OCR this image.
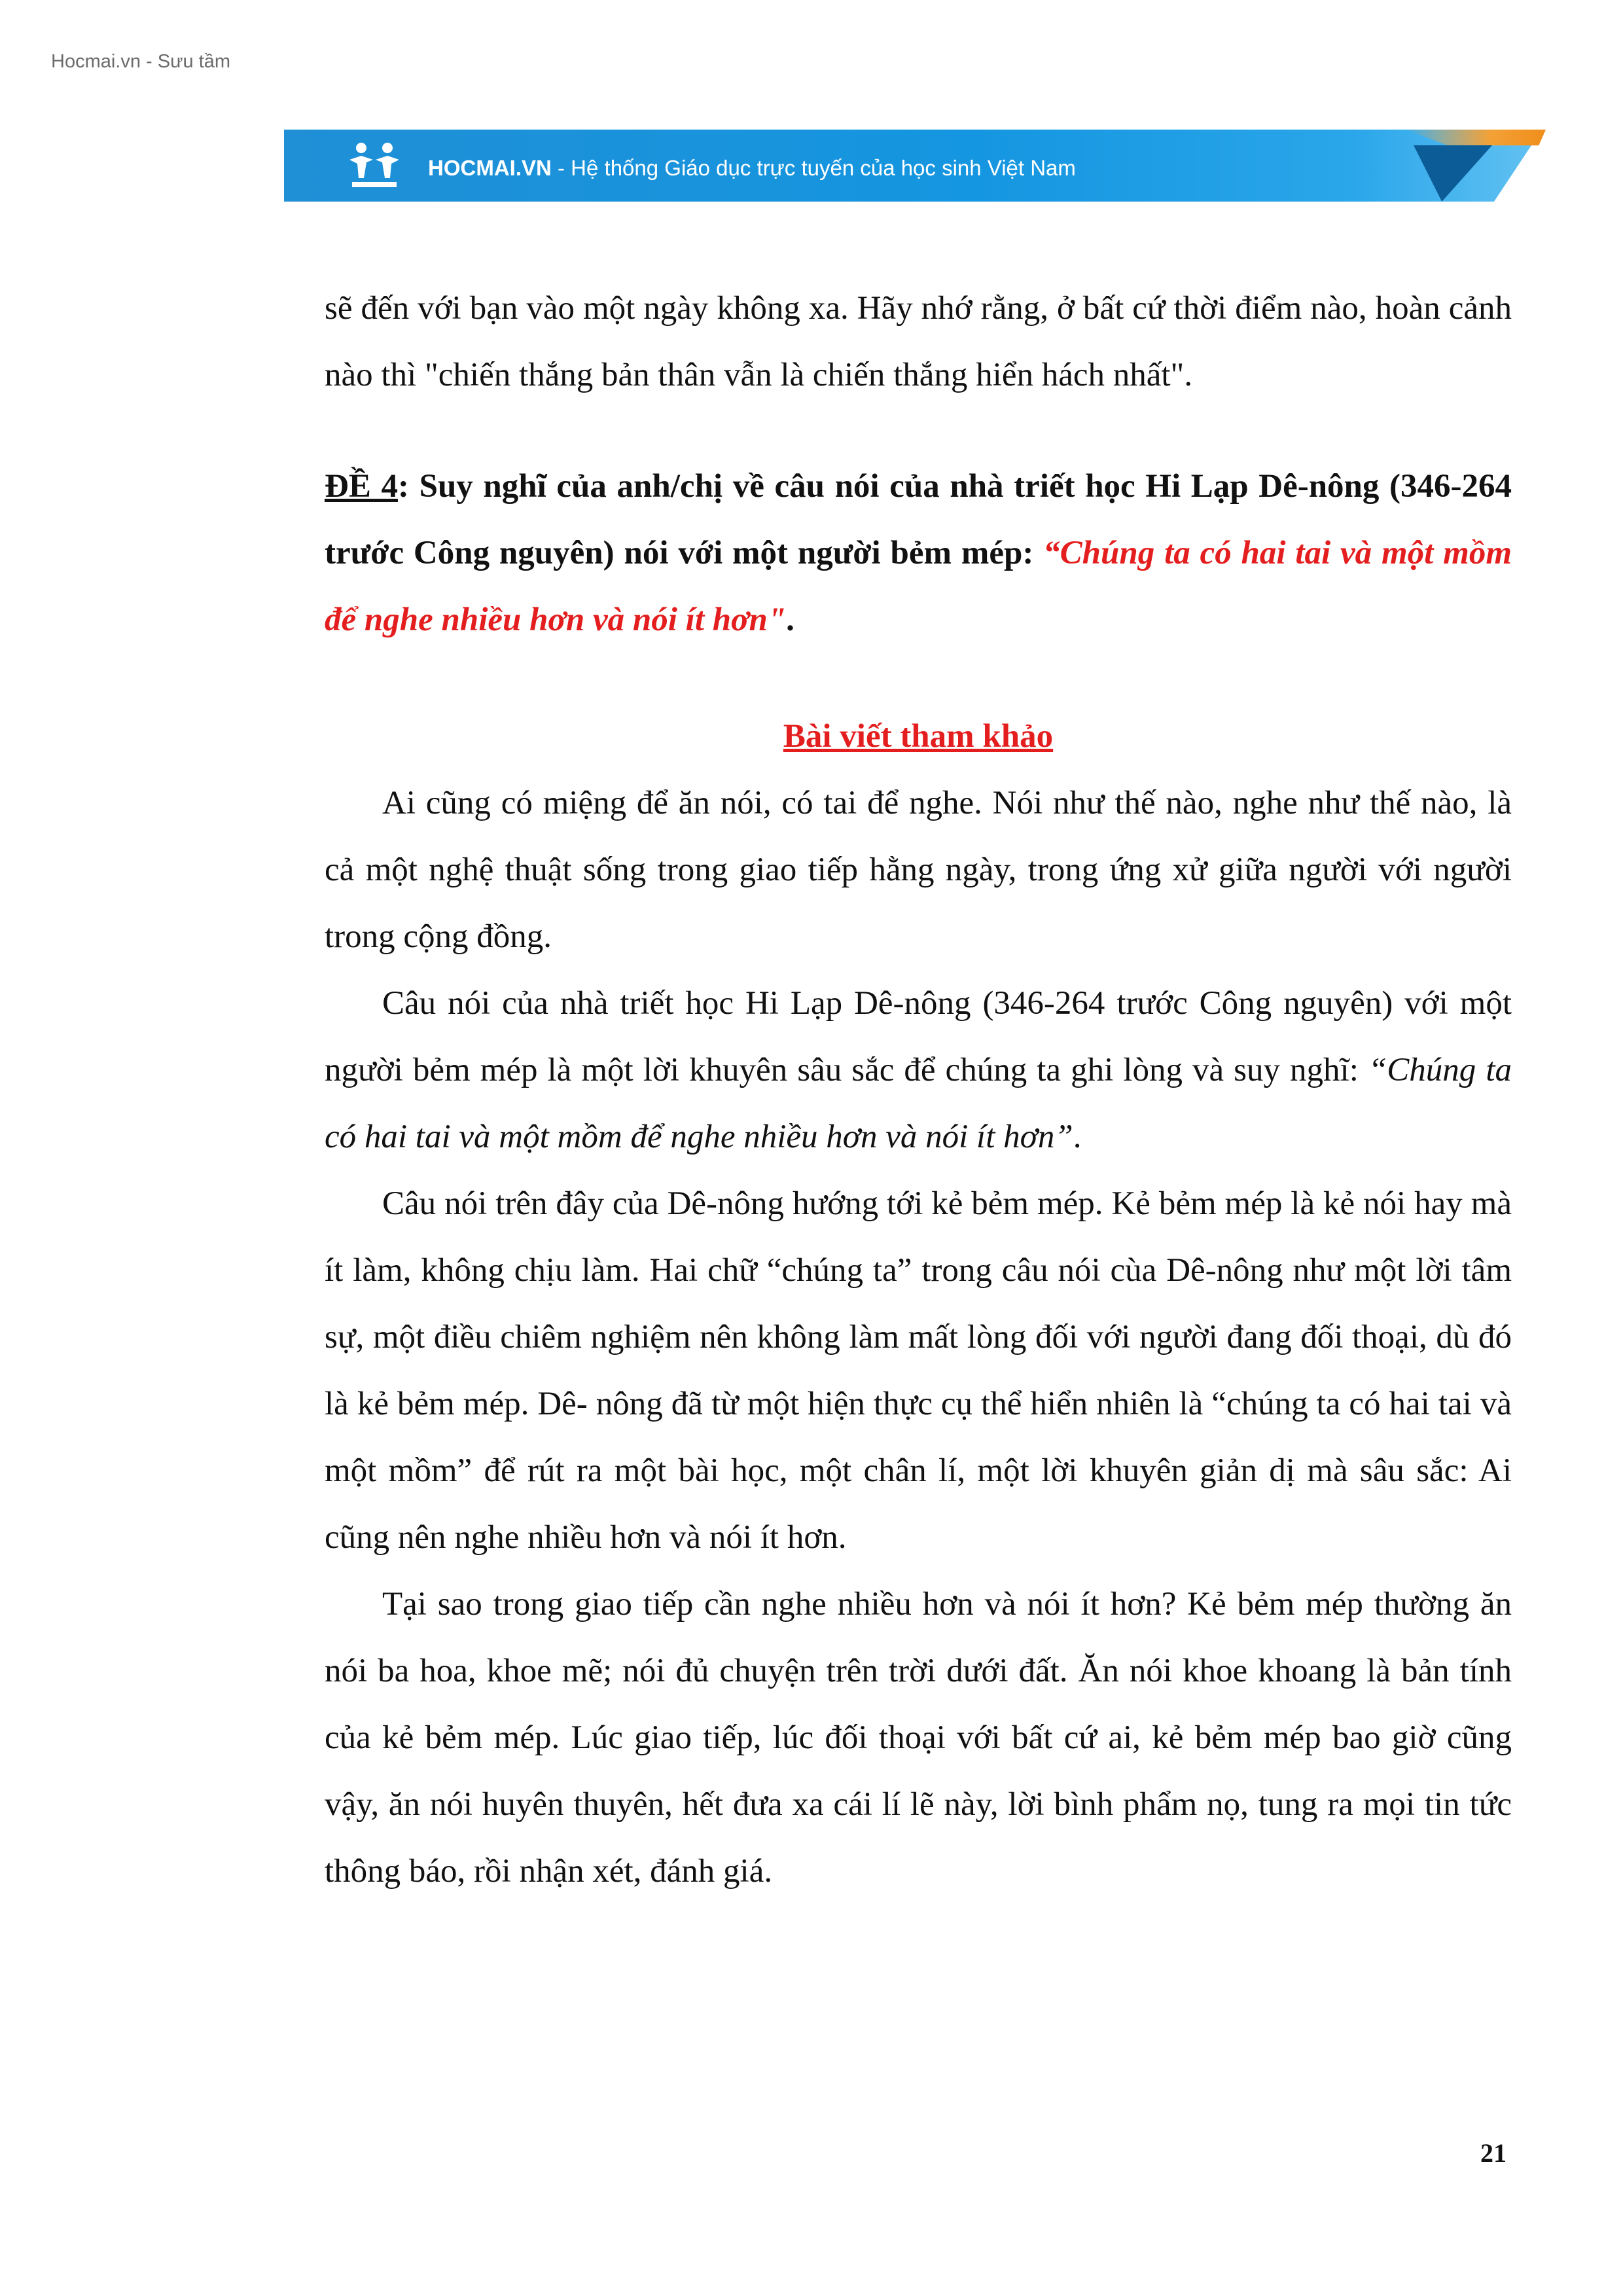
Hocmai.vn - Sưu tầm
HOCMAI.VN - Hệ thống Giáo dục trực tuyến của học sinh Việt Nam

sẽ đến với bạn vào một ngày không xa. Hãy nhớ rằng, ở bất cứ thời điểm nào, hoàn cảnh nào thì "chiến thắng bản thân vẫn là chiến thắng hiển hách nhất".

ĐỀ 4: Suy nghĩ của anh/chị về câu nói của nhà triết học Hi Lạp Dê-nông (346-264 trước Công nguyên) nói với một người bẻm mép: “Chúng ta có hai tai và một mồm để nghe nhiều hơn và nói ít hơn".

Bài viết tham khảo

Ai cũng có miệng để ăn nói, có tai để nghe. Nói như thế nào, nghe như thế nào, là cả một nghệ thuật sống trong giao tiếp hằng ngày, trong ứng xử giữa người với người trong cộng đồng.

Câu nói của nhà triết học Hi Lạp Dê-nông (346-264 trước Công nguyên) với một người bẻm mép là một lời khuyên sâu sắc để chúng ta ghi lòng và suy nghĩ: “Chúng ta có hai tai và một mồm để nghe nhiều hơn và nói ít hơn”.

Câu nói trên đây của Dê-nông hướng tới kẻ bẻm mép. Kẻ bẻm mép là kẻ nói hay mà ít làm, không chịu làm. Hai chữ “chúng ta” trong câu nói cùa Dê-nông như một lời tâm sự, một điều chiêm nghiệm nên không làm mất lòng đối với người đang đối thoại, dù đó là kẻ bẻm mép. Dê- nông đã từ một hiện thực cụ thể hiển nhiên là “chúng ta có hai tai và một mồm” để rút ra một bài học, một chân lí, một lời khuyên giản dị mà sâu sắc: Ai cũng nên nghe nhiều hơn và nói ít hơn.

Tại sao trong giao tiếp cần nghe nhiều hơn và nói ít hơn? Kẻ bẻm mép thường ăn nói ba hoa, khoe mẽ; nói đủ chuyện trên trời dưới đất. Ăn nói khoe khoang là bản tính của kẻ bẻm mép. Lúc giao tiếp, lúc đối thoại với bất cứ ai, kẻ bẻm mép bao giờ cũng vậy, ăn nói huyên thuyên, hết đưa xa cái lí lẽ này, lời bình phẩm nọ, tung ra mọi tin tức thông báo, rồi nhận xét, đánh giá.

21
